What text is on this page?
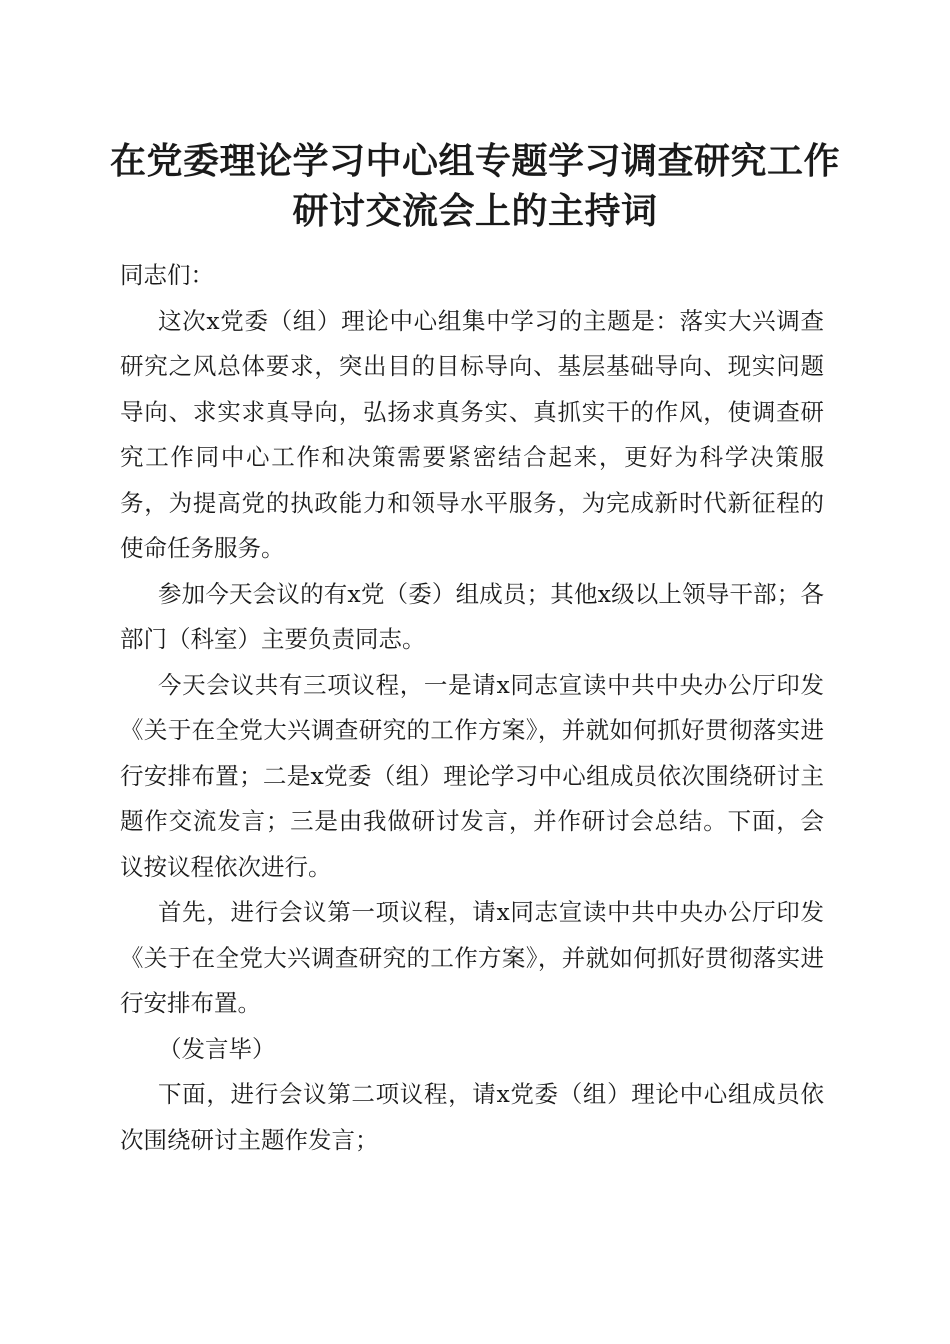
在党委理论学习中心组专题学习调查研究工作
研讨交流会上的主持词

同志们：

这次x党委（组）理论中心组集中学习的主题是：落实大兴调查研究之风总体要求，突出目的目标导向、基层基础导向、现实问题导向、求实求真导向，弘扬求真务实、真抓实干的作风，使调查研究工作同中心工作和决策需要紧密结合起来，更好为科学决策服务，为提高党的执政能力和领导水平服务，为完成新时代新征程的使命任务服务。

参加今天会议的有x党（委）组成员；其他x级以上领导干部；各部门（科室）主要负责同志。

今天会议共有三项议程，一是请x同志宣读中共中央办公厅印发《关于在全党大兴调查研究的工作方案》，并就如何抓好贯彻落实进行安排布置；二是x党委（组）理论学习中心组成员依次围绕研讨主题作交流发言；三是由我做研讨发言，并作研讨会总结。下面，会议按议程依次进行。

首先，进行会议第一项议程，请x同志宣读中共中央办公厅印发《关于在全党大兴调查研究的工作方案》，并就如何抓好贯彻落实进行安排布置。

（发言毕）

下面，进行会议第二项议程，请x党委（组）理论中心组成员依次围绕研讨主题作发言；
